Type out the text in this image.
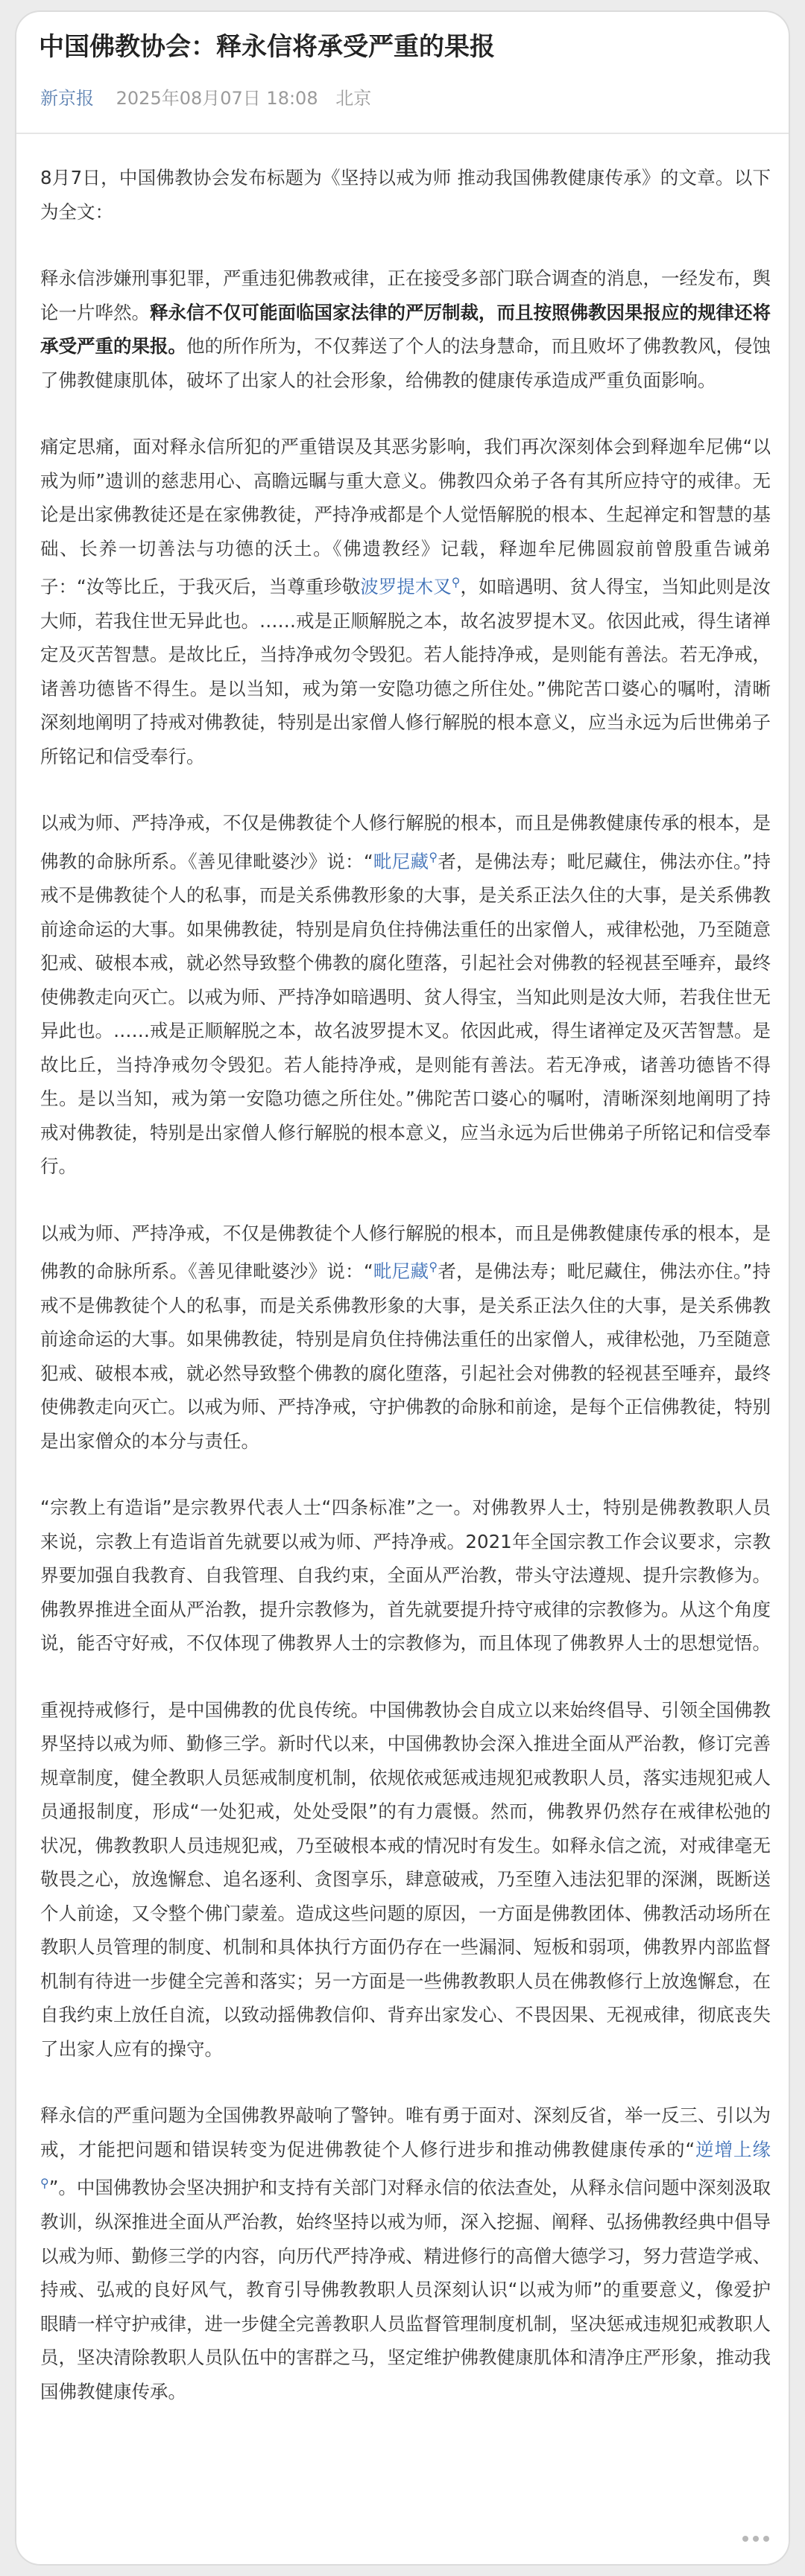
中国佛教协会：释永信将承受严重的果报
新京报 2025年08月07日 18:08 北京

8月7日，中国佛教协会发布标题为《坚持以戒为师 推动我国佛教健康传承》的文章。以下为全文：

释永信涉嫌刑事犯罪，严重违犯佛教戒律，正在接受多部门联合调查的消息，一经发布，舆论一片哗然。释永信不仅可能面临国家法律的严厉制裁，而且按照佛教因果报应的规律还将承受严重的果报。他的所作所为，不仅葬送了个人的法身慧命，而且败坏了佛教教风，侵蚀了佛教健康肌体，破坏了出家人的社会形象，给佛教的健康传承造成严重负面影响。

痛定思痛，面对释永信所犯的严重错误及其恶劣影响，我们再次深刻体会到释迦牟尼佛“以戒为师”遗训的慈悲用心、高瞻远瞩与重大意义。佛教四众弟子各有其所应持守的戒律。无论是出家佛教徒还是在家佛教徒，严持净戒都是个人觉悟解脱的根本、生起禅定和智慧的基础、长养一切善法与功德的沃土。《佛遗教经》记载，释迦牟尼佛圆寂前曾殷重告诫弟子：“汝等比丘，于我灭后，当尊重珍敬波罗提木叉⚲，如暗遇明、贫人得宝，当知此则是汝大师，若我住世无异此也。……戒是正顺解脱之本，故名波罗提木叉。依因此戒，得生诸禅定及灭苦智慧。是故比丘，当持净戒勿令毁犯。若人能持净戒，是则能有善法。若无净戒，诸善功德皆不得生。是以当知，戒为第一安隐功德之所住处。”佛陀苦口婆心的嘱咐，清晰深刻地阐明了持戒对佛教徒，特别是出家僧人修行解脱的根本意义，应当永远为后世佛弟子所铭记和信受奉行。

以戒为师、严持净戒，不仅是佛教徒个人修行解脱的根本，而且是佛教健康传承的根本，是佛教的命脉所系。《善见律毗婆沙》说：“毗尼藏⚲者，是佛法寿；毗尼藏住，佛法亦住。”持戒不是佛教徒个人的私事，而是关系佛教形象的大事，是关系正法久住的大事，是关系佛教前途命运的大事。如果佛教徒，特别是肩负住持佛法重任的出家僧人，戒律松弛，乃至随意犯戒、破根本戒，就必然导致整个佛教的腐化堕落，引起社会对佛教的轻视甚至唾弃，最终使佛教走向灭亡。以戒为师、严持净如暗遇明、贫人得宝，当知此则是汝大师，若我住世无异此也。……戒是正顺解脱之本，故名波罗提木叉。依因此戒，得生诸禅定及灭苦智慧。是故比丘，当持净戒勿令毁犯。若人能持净戒，是则能有善法。若无净戒，诸善功德皆不得生。是以当知，戒为第一安隐功德之所住处。”佛陀苦口婆心的嘱咐，清晰深刻地阐明了持戒对佛教徒，特别是出家僧人修行解脱的根本意义，应当永远为后世佛弟子所铭记和信受奉行。

以戒为师、严持净戒，不仅是佛教徒个人修行解脱的根本，而且是佛教健康传承的根本，是佛教的命脉所系。《善见律毗婆沙》说：“毗尼藏⚲者，是佛法寿；毗尼藏住，佛法亦住。”持戒不是佛教徒个人的私事，而是关系佛教形象的大事，是关系正法久住的大事，是关系佛教前途命运的大事。如果佛教徒，特别是肩负住持佛法重任的出家僧人，戒律松弛，乃至随意犯戒、破根本戒，就必然导致整个佛教的腐化堕落，引起社会对佛教的轻视甚至唾弃，最终使佛教走向灭亡。以戒为师、严持净戒，守护佛教的命脉和前途，是每个正信佛教徒，特别是出家僧众的本分与责任。

“宗教上有造诣”是宗教界代表人士“四条标准”之一。对佛教界人士，特别是佛教教职人员来说，宗教上有造诣首先就要以戒为师、严持净戒。2021年全国宗教工作会议要求，宗教界要加强自我教育、自我管理、自我约束，全面从严治教，带头守法遵规、提升宗教修为。佛教界推进全面从严治教，提升宗教修为，首先就要提升持守戒律的宗教修为。从这个角度说，能否守好戒，不仅体现了佛教界人士的宗教修为，而且体现了佛教界人士的思想觉悟。

重视持戒修行，是中国佛教的优良传统。中国佛教协会自成立以来始终倡导、引领全国佛教界坚持以戒为师、勤修三学。新时代以来，中国佛教协会深入推进全面从严治教，修订完善规章制度，健全教职人员惩戒制度机制，依规依戒惩戒违规犯戒教职人员，落实违规犯戒人员通报制度，形成“一处犯戒，处处受限”的有力震慑。然而，佛教界仍然存在戒律松弛的状况，佛教教职人员违规犯戒，乃至破根本戒的情况时有发生。如释永信之流，对戒律毫无敬畏之心，放逸懈怠、追名逐利、贪图享乐，肆意破戒，乃至堕入违法犯罪的深渊，既断送个人前途，又令整个佛门蒙羞。造成这些问题的原因，一方面是佛教团体、佛教活动场所在教职人员管理的制度、机制和具体执行方面仍存在一些漏洞、短板和弱项，佛教界内部监督机制有待进一步健全完善和落实；另一方面是一些佛教教职人员在佛教修行上放逸懈怠，在自我约束上放任自流，以致动摇佛教信仰、背弃出家发心、不畏因果、无视戒律，彻底丧失了出家人应有的操守。

释永信的严重问题为全国佛教界敲响了警钟。唯有勇于面对、深刻反省，举一反三、引以为戒，才能把问题和错误转变为促进佛教徒个人修行进步和推动佛教健康传承的“逆增上缘⚲”。中国佛教协会坚决拥护和支持有关部门对释永信的依法查处，从释永信问题中深刻汲取教训，纵深推进全面从严治教，始终坚持以戒为师，深入挖掘、阐释、弘扬佛教经典中倡导以戒为师、勤修三学的内容，向历代严持净戒、精进修行的高僧大德学习，努力营造学戒、持戒、弘戒的良好风气，教育引导佛教教职人员深刻认识“以戒为师”的重要意义，像爱护眼睛一样守护戒律，进一步健全完善教职人员监督管理制度机制，坚决惩戒违规犯戒教职人员，坚决清除教职人员队伍中的害群之马，坚定维护佛教健康肌体和清净庄严形象，推动我国佛教健康传承。
